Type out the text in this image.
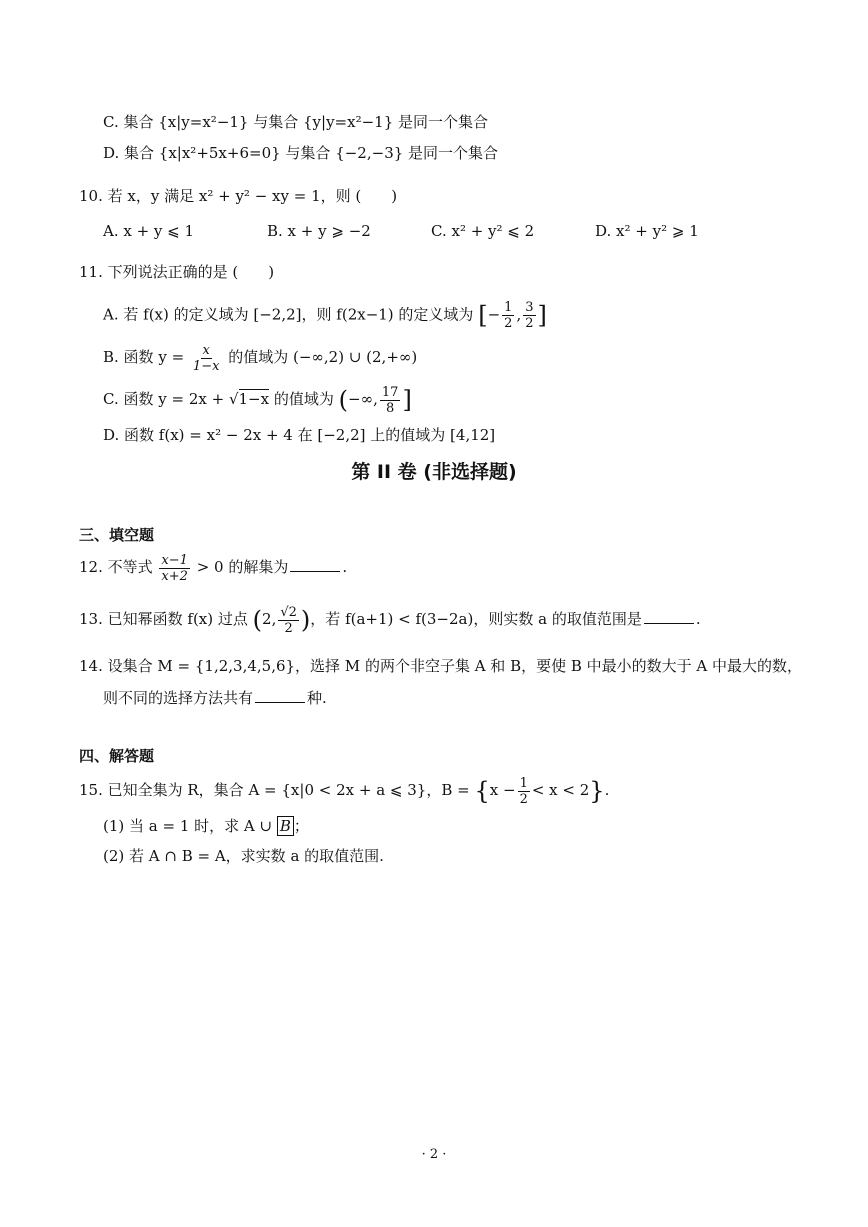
C. 集合 {x|y=x²−1} 与集合 {y|y=x²−1} 是同一个集合
D. 集合 {x|x²+5x+6=0} 与集合 {−2,−3} 是同一个集合
10. 若 x，y 满足 x² + y² − xy = 1，则 (　　)
A. x + y ⩽ 1	B. x + y ⩾ −2	C. x² + y² ⩽ 2	D. x² + y² ⩾ 1
11. 下列说法正确的是 (　　)
A. 若 f(x) 的定义域为 [−2,2]，则 f(2x−1) 的定义域为 [− $\frac{1}{2}$ , $\frac{3}{2}$ ]
B. 函数 $y = \frac{x}{1-x}$ 的值域为 (−∞,2) ∪ (2,+∞)
C. 函数 y = 2x + √1−x 的值域为 (−∞, $\frac{17}{8}$ ]
D. 函数 f(x) = x² − 2x + 4 在 [−2,2] 上的值域为 [4,12]
第 II 卷 (非选择题)
三、填空题
12. 不等式 $\frac{x-1}{x+2} > 0$ 的解集为	.
13. 已知幂函数 f(x) 过点 (2, $\frac{√2}{2}$ )，若 f(a+1) < f(3−2a)，则实数 a 的取值范围是	.
14. 设集合 M = {1,2,3,4,5,6}，选择 M 的两个非空子集 A 和 B，要使 B 中最小的数大于 A 中最大的数，
则不同的选择方法共有	种.
四、解答题
15. 已知全集为 R，集合 A = {x|0 < 2x + a ⩽ 3}，$B = \{x - \frac{1}{2} < x < 2\}$.
(1) 当 a = 1 时，求 A ∪ B ；
(2) 若 A ∩ B = A，求实数 a 的取值范围.
· 2 ·
